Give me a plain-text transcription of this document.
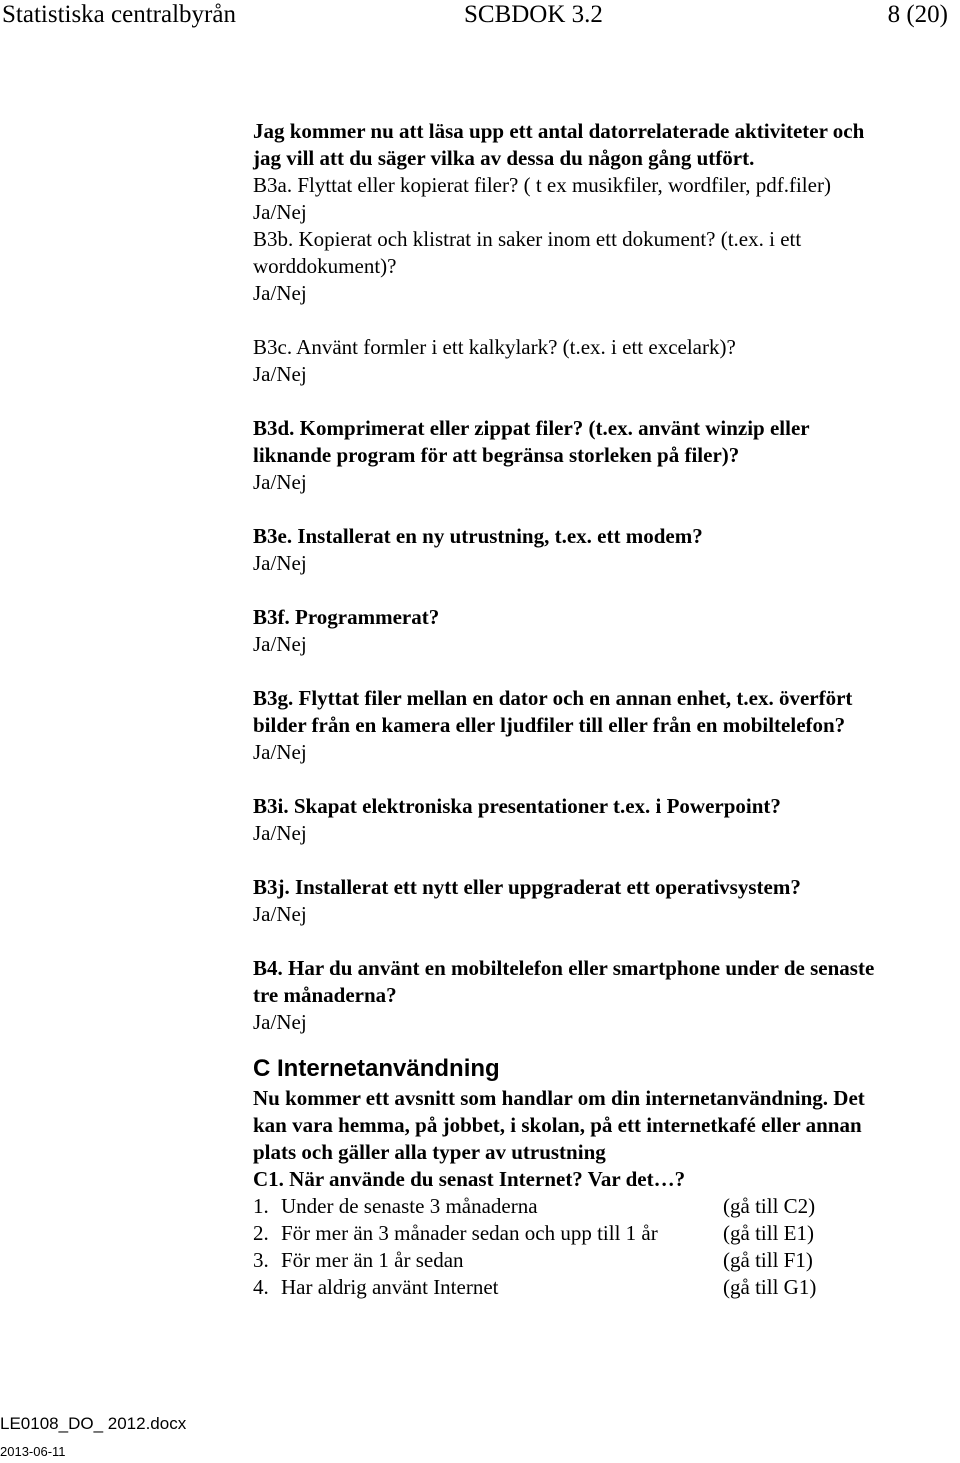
Statistiska centralbyrån	SCBDOK 3.2	8 (20)
Jag kommer nu att läsa upp ett antal datorrelaterade aktiviteter och
jag vill att du säger vilka av dessa du någon gång utfört.
B3a. Flyttat eller kopierat filer? ( t ex musikfiler, wordfiler, pdf.filer)
Ja/Nej
B3b. Kopierat och klistrat in saker inom ett dokument? (t.ex. i ett
worddokument)?
Ja/Nej
B3c. Använt formler i ett kalkylark? (t.ex. i ett excelark)?
Ja/Nej
B3d. Komprimerat eller zippat filer? (t.ex. använt winzip eller
liknande program för att begränsa storleken på filer)?
Ja/Nej
B3e. Installerat en ny utrustning, t.ex. ett modem?
Ja/Nej
B3f. Programmerat?
Ja/Nej
B3g. Flyttat filer mellan en dator och en annan enhet, t.ex. överfört
bilder från en kamera eller ljudfiler till eller från en mobiltelefon?
Ja/Nej
B3i. Skapat elektroniska presentationer t.ex. i Powerpoint?
Ja/Nej
B3j. Installerat ett nytt eller uppgraderat ett operativsystem?
Ja/Nej
B4. Har du använt en mobiltelefon eller smartphone under de senaste
tre månaderna?
Ja/Nej
C Internetanvändning
Nu kommer ett avsnitt som handlar om din internetanvändning. Det
kan vara hemma, på jobbet, i skolan, på ett internetkafé eller annan
plats och gäller alla typer av utrustning
C1. När använde du senast Internet? Var det…?
1. Under de senaste 3 månaderna	(gå till C2)
2. För mer än 3 månader sedan och upp till 1 år	(gå till E1)
3. För mer än 1 år sedan	(gå till F1)
4. Har aldrig använt Internet	(gå till G1)
LE0108_DO_ 2012.docx
2013-06-11
